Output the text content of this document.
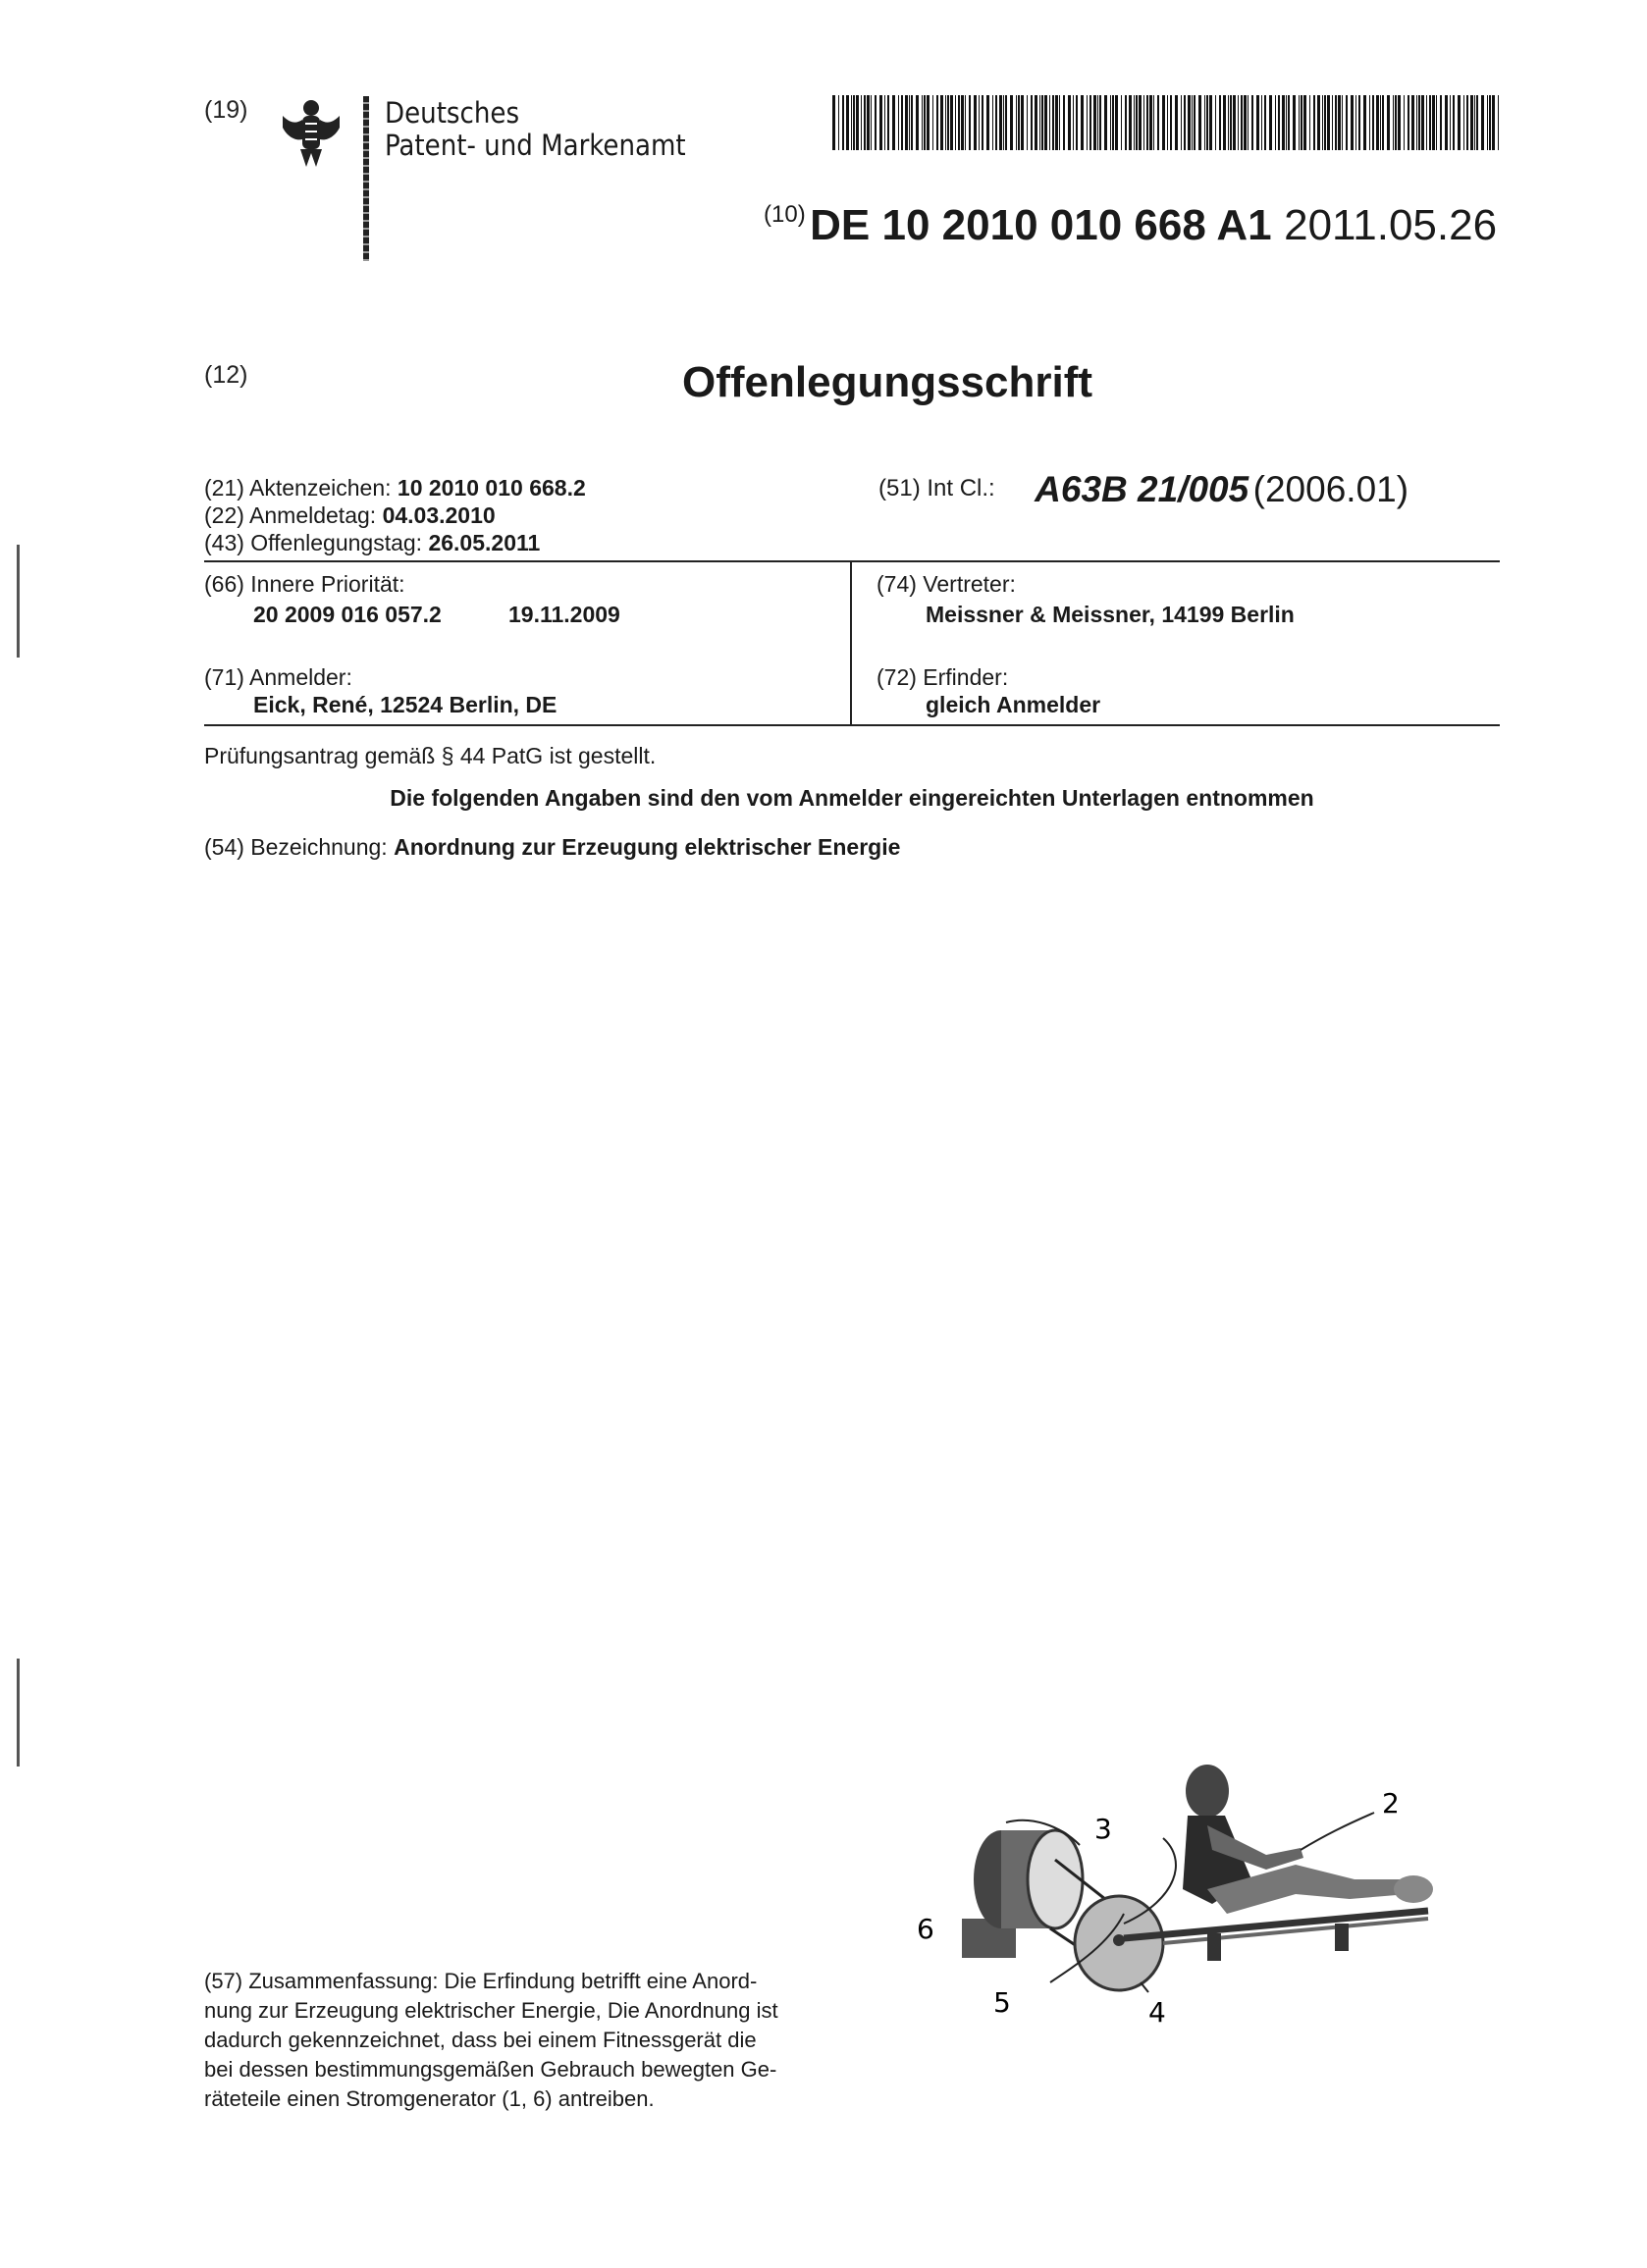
(19)	Deutsches
Patent- und Markenamt
(10) DE 10 2010 010 668 A1 2011.05.26
(12)	Offenlegungsschrift
(21) Aktenzeichen: 10 2010 010 668.2
(22) Anmeldetag: 04.03.2010
(43) Offenlegungstag: 26.05.2011
(51) Int Cl.: A63B 21/005 (2006.01)
(66) Innere Priorität:
20 2009 016 057.2	19.11.2009
(71) Anmelder:
Eick, René, 12524 Berlin, DE
(74) Vertreter:
Meissner & Meissner, 14199 Berlin
(72) Erfinder:
gleich Anmelder
Prüfungsantrag gemäß § 44 PatG ist gestellt.
Die folgenden Angaben sind den vom Anmelder eingereichten Unterlagen entnommen
(54) Bezeichnung: Anordnung zur Erzeugung elektrischer Energie
(57) Zusammenfassung: Die Erfindung betrifft eine Anord-
nung zur Erzeugung elektrischer Energie, Die Anordnung ist
dadurch gekennzeichnet, dass bei einem Fitnessgerät die
bei dessen bestimmungsgemäßen Gebrauch bewegten Ge-
räteteile einen Stromgenerator (1, 6) antreiben.
2
3
4
5
6
